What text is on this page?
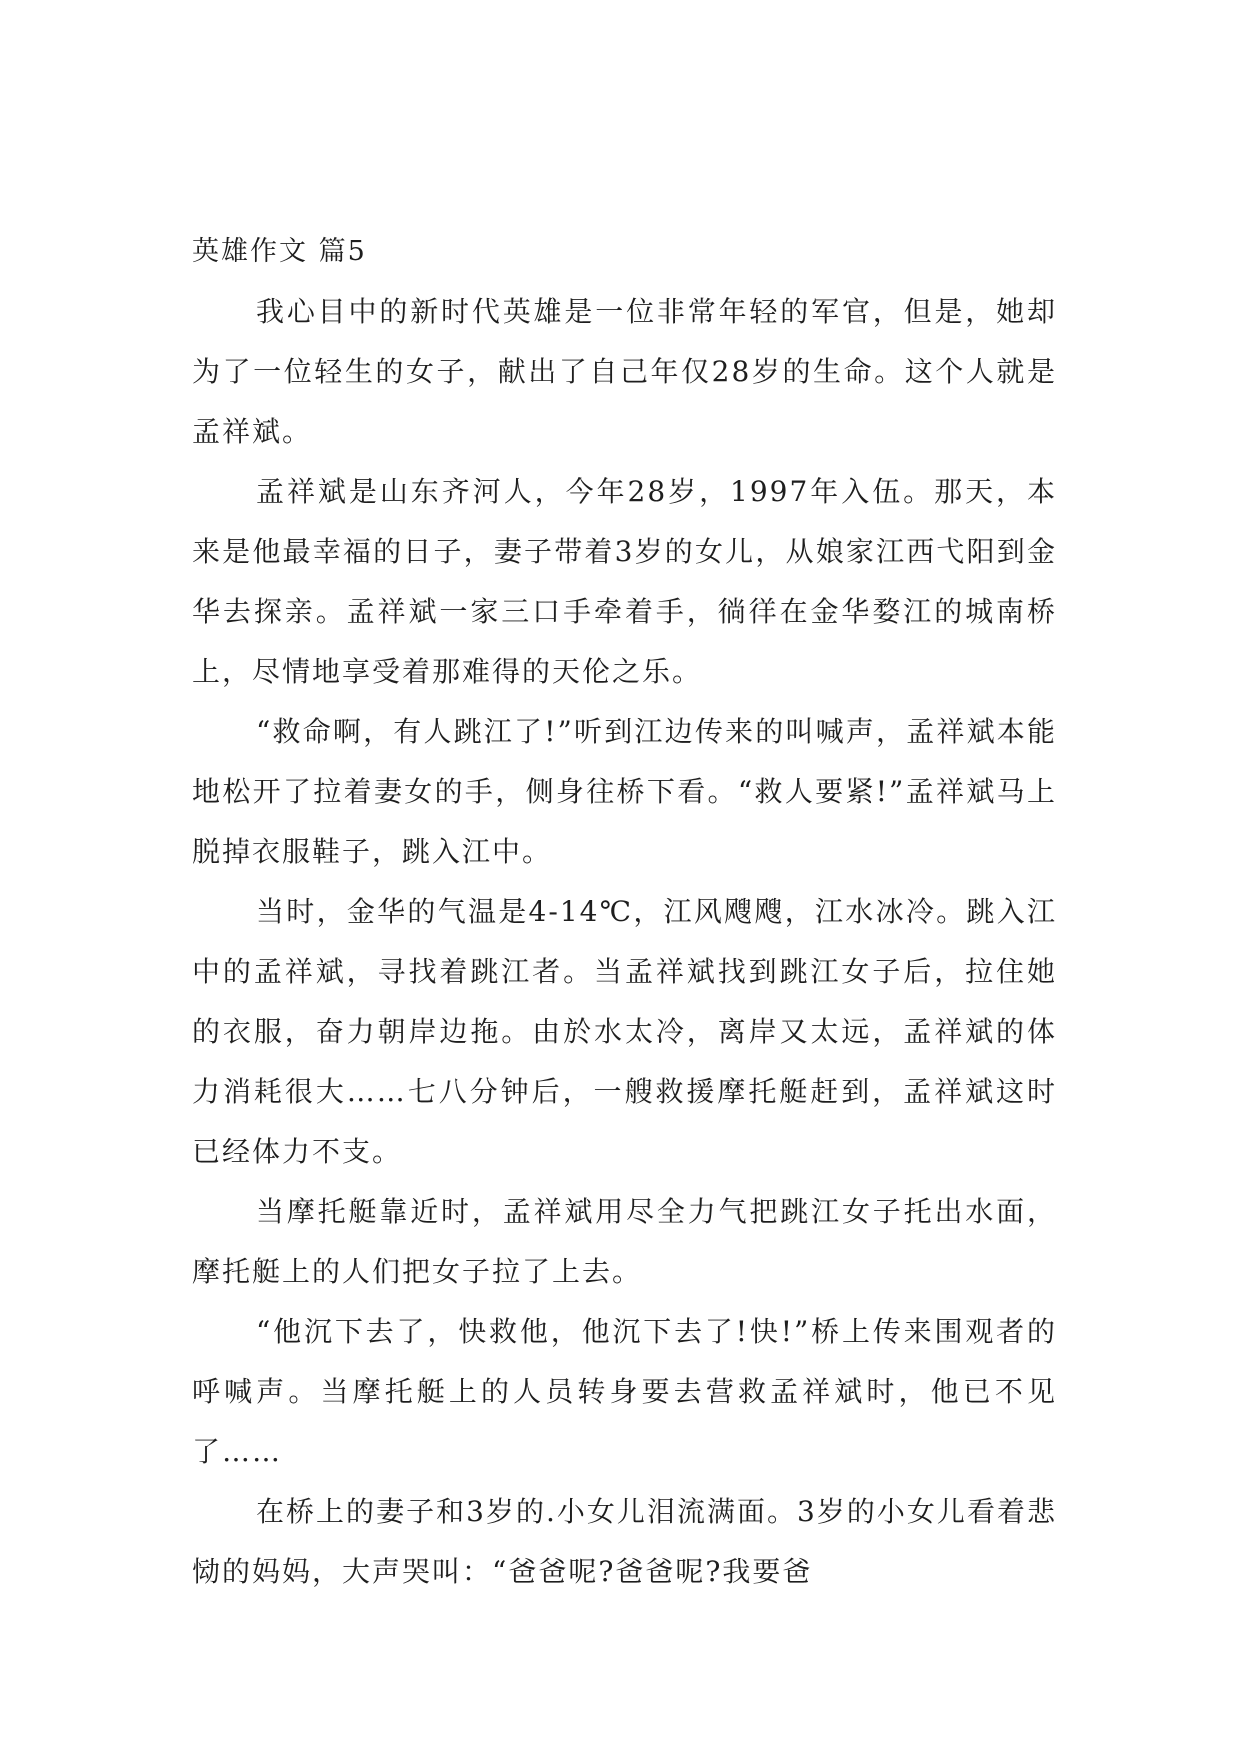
英雄作文 篇5

我心目中的新时代英雄是一位非常年轻的军官，但是，她却为了一位轻生的女子，献出了自己年仅28岁的生命。这个人就是孟祥斌。

孟祥斌是山东齐河人，今年28岁，1997年入伍。那天，本来是他最幸福的日子，妻子带着3岁的女儿，从娘家江西弋阳到金华去探亲。孟祥斌一家三口手牵着手，徜徉在金华婺江的城南桥上，尽情地享受着那难得的天伦之乐。

“救命啊，有人跳江了!”听到江边传来的叫喊声，孟祥斌本能地松开了拉着妻女的手，侧身往桥下看。“救人要紧!”孟祥斌马上脱掉衣服鞋子，跳入江中。

当时，金华的气温是4-14℃，江风飕飕，江水冰冷。跳入江中的孟祥斌，寻找着跳江者。当孟祥斌找到跳江女子后，拉住她的衣服，奋力朝岸边拖。由於水太冷，离岸又太远，孟祥斌的体力消耗很大……七八分钟后，一艘救援摩托艇赶到，孟祥斌这时已经体力不支。

当摩托艇靠近时，孟祥斌用尽全力气把跳江女子托出水面，摩托艇上的人们把女子拉了上去。

“他沉下去了，快救他，他沉下去了!快!”桥上传来围观者的呼喊声。当摩托艇上的人员转身要去营救孟祥斌时，他已不见了……

在桥上的妻子和3岁的.小女儿泪流满面。3岁的小女儿看着悲恸的妈妈，大声哭叫：“爸爸呢?爸爸呢?我要爸
